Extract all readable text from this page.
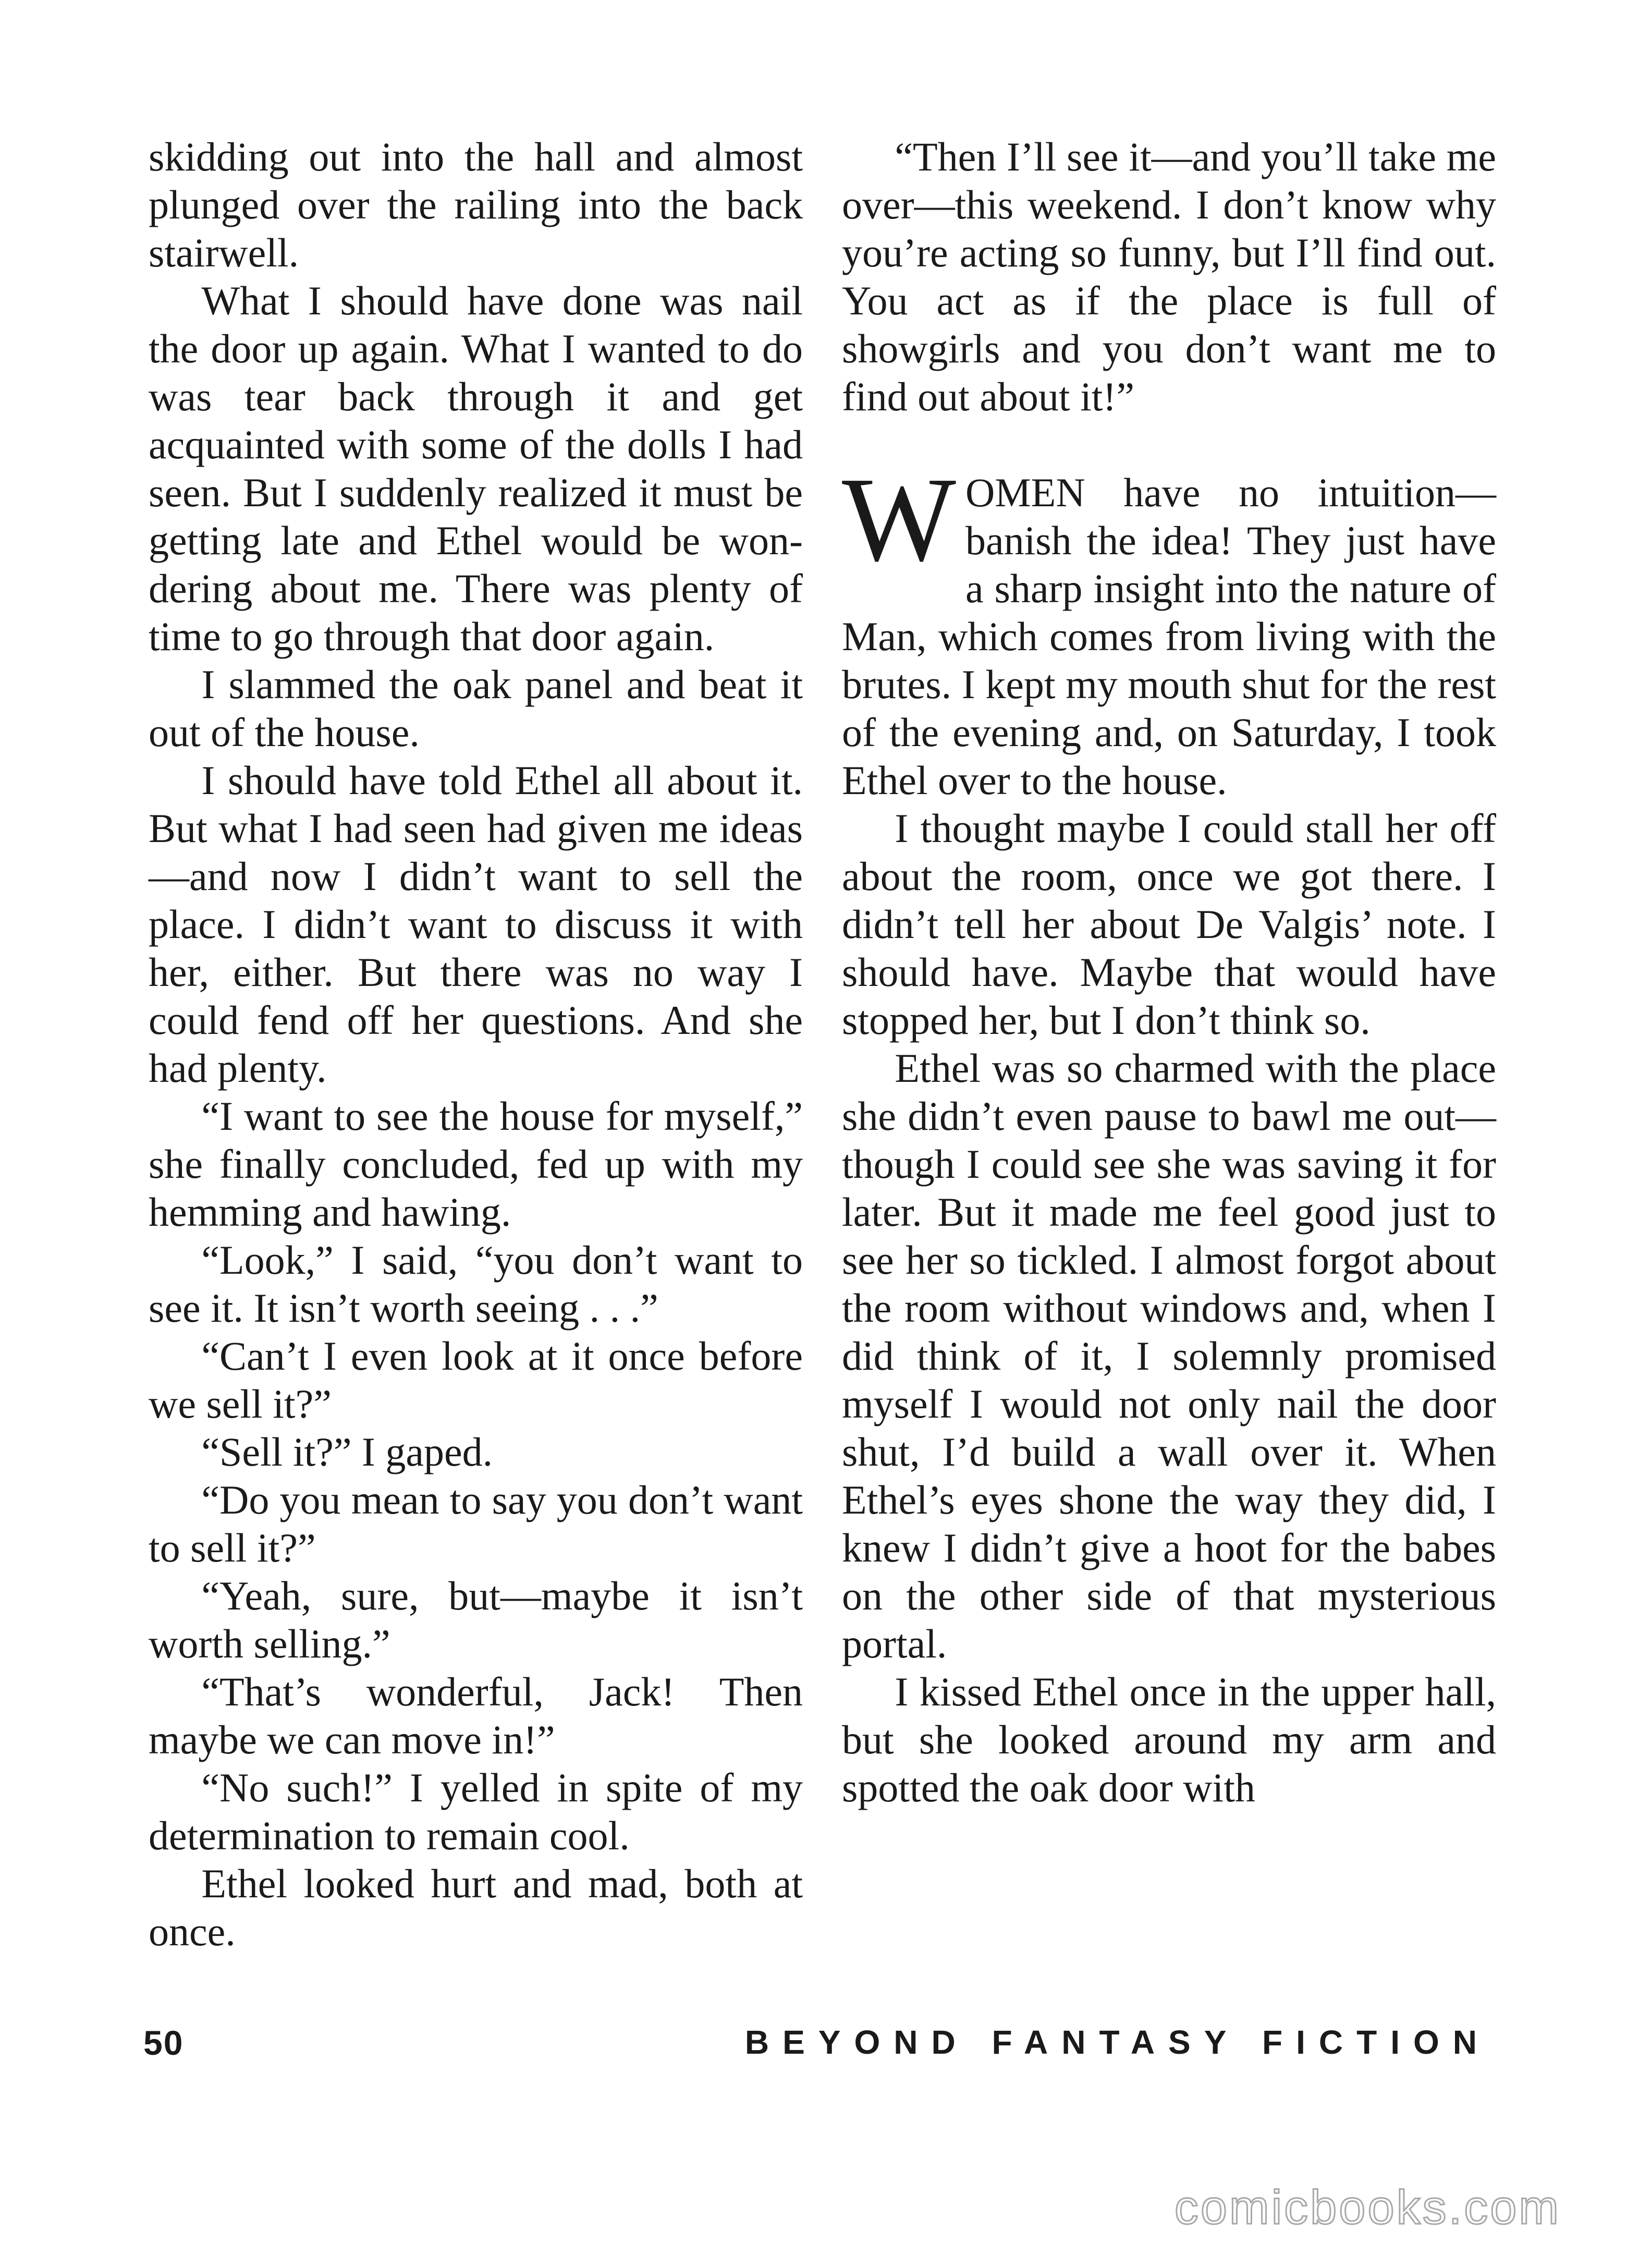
skidding out into the hall and almost plunged over the railing into the back stairwell.

What I should have done was nail the door up again. What I wanted to do was tear back through it and get acquainted with some of the dolls I had seen. But I suddenly realized it must be getting late and Ethel would be wondering about me. There was plenty of time to go through that door again.

I slammed the oak panel and beat it out of the house.

I should have told Ethel all about it. But what I had seen had given me ideas—and now I didn’t want to sell the place. I didn’t want to discuss it with her, either. But there was no way I could fend off her questions. And she had plenty.

“I want to see the house for myself,” she finally concluded, fed up with my hemming and hawing.

“Look,” I said, “you don’t want to see it. It isn’t worth seeing . . .”

“Can’t I even look at it once before we sell it?”

“Sell it?” I gaped.

“Do you mean to say you don’t want to sell it?”

“Yeah, sure, but—maybe it isn’t worth selling.”

“That’s wonderful, Jack! Then maybe we can move in!”

“No such!” I yelled in spite of my determination to remain cool.

Ethel looked hurt and mad, both at once.

“Then I’ll see it—and you’ll take me over—this weekend. I don’t know why you’re acting so funny, but I’ll find out. You act as if the place is full of showgirls and you don’t want me to find out about it!”

WOMEN have no intuition—banish the idea! They just have a sharp insight into the nature of Man, which comes from living with the brutes. I kept my mouth shut for the rest of the evening and, on Saturday, I took Ethel over to the house.

I thought maybe I could stall her off about the room, once we got there. I didn’t tell her about De Valgis’ note. I should have. Maybe that would have stopped her, but I don’t think so.

Ethel was so charmed with the place she didn’t even pause to bawl me out—though I could see she was saving it for later. But it made me feel good just to see her so tickled. I almost forgot about the room without windows and, when I did think of it, I solemnly promised myself I would not only nail the door shut, I’d build a wall over it. When Ethel’s eyes shone the way they did, I knew I didn’t give a hoot for the babes on the other side of that mysterious portal.

I kissed Ethel once in the upper hall, but she looked around my arm and spotted the oak door with

50	BEYOND FANTASY FICTION
comicbooks.com
